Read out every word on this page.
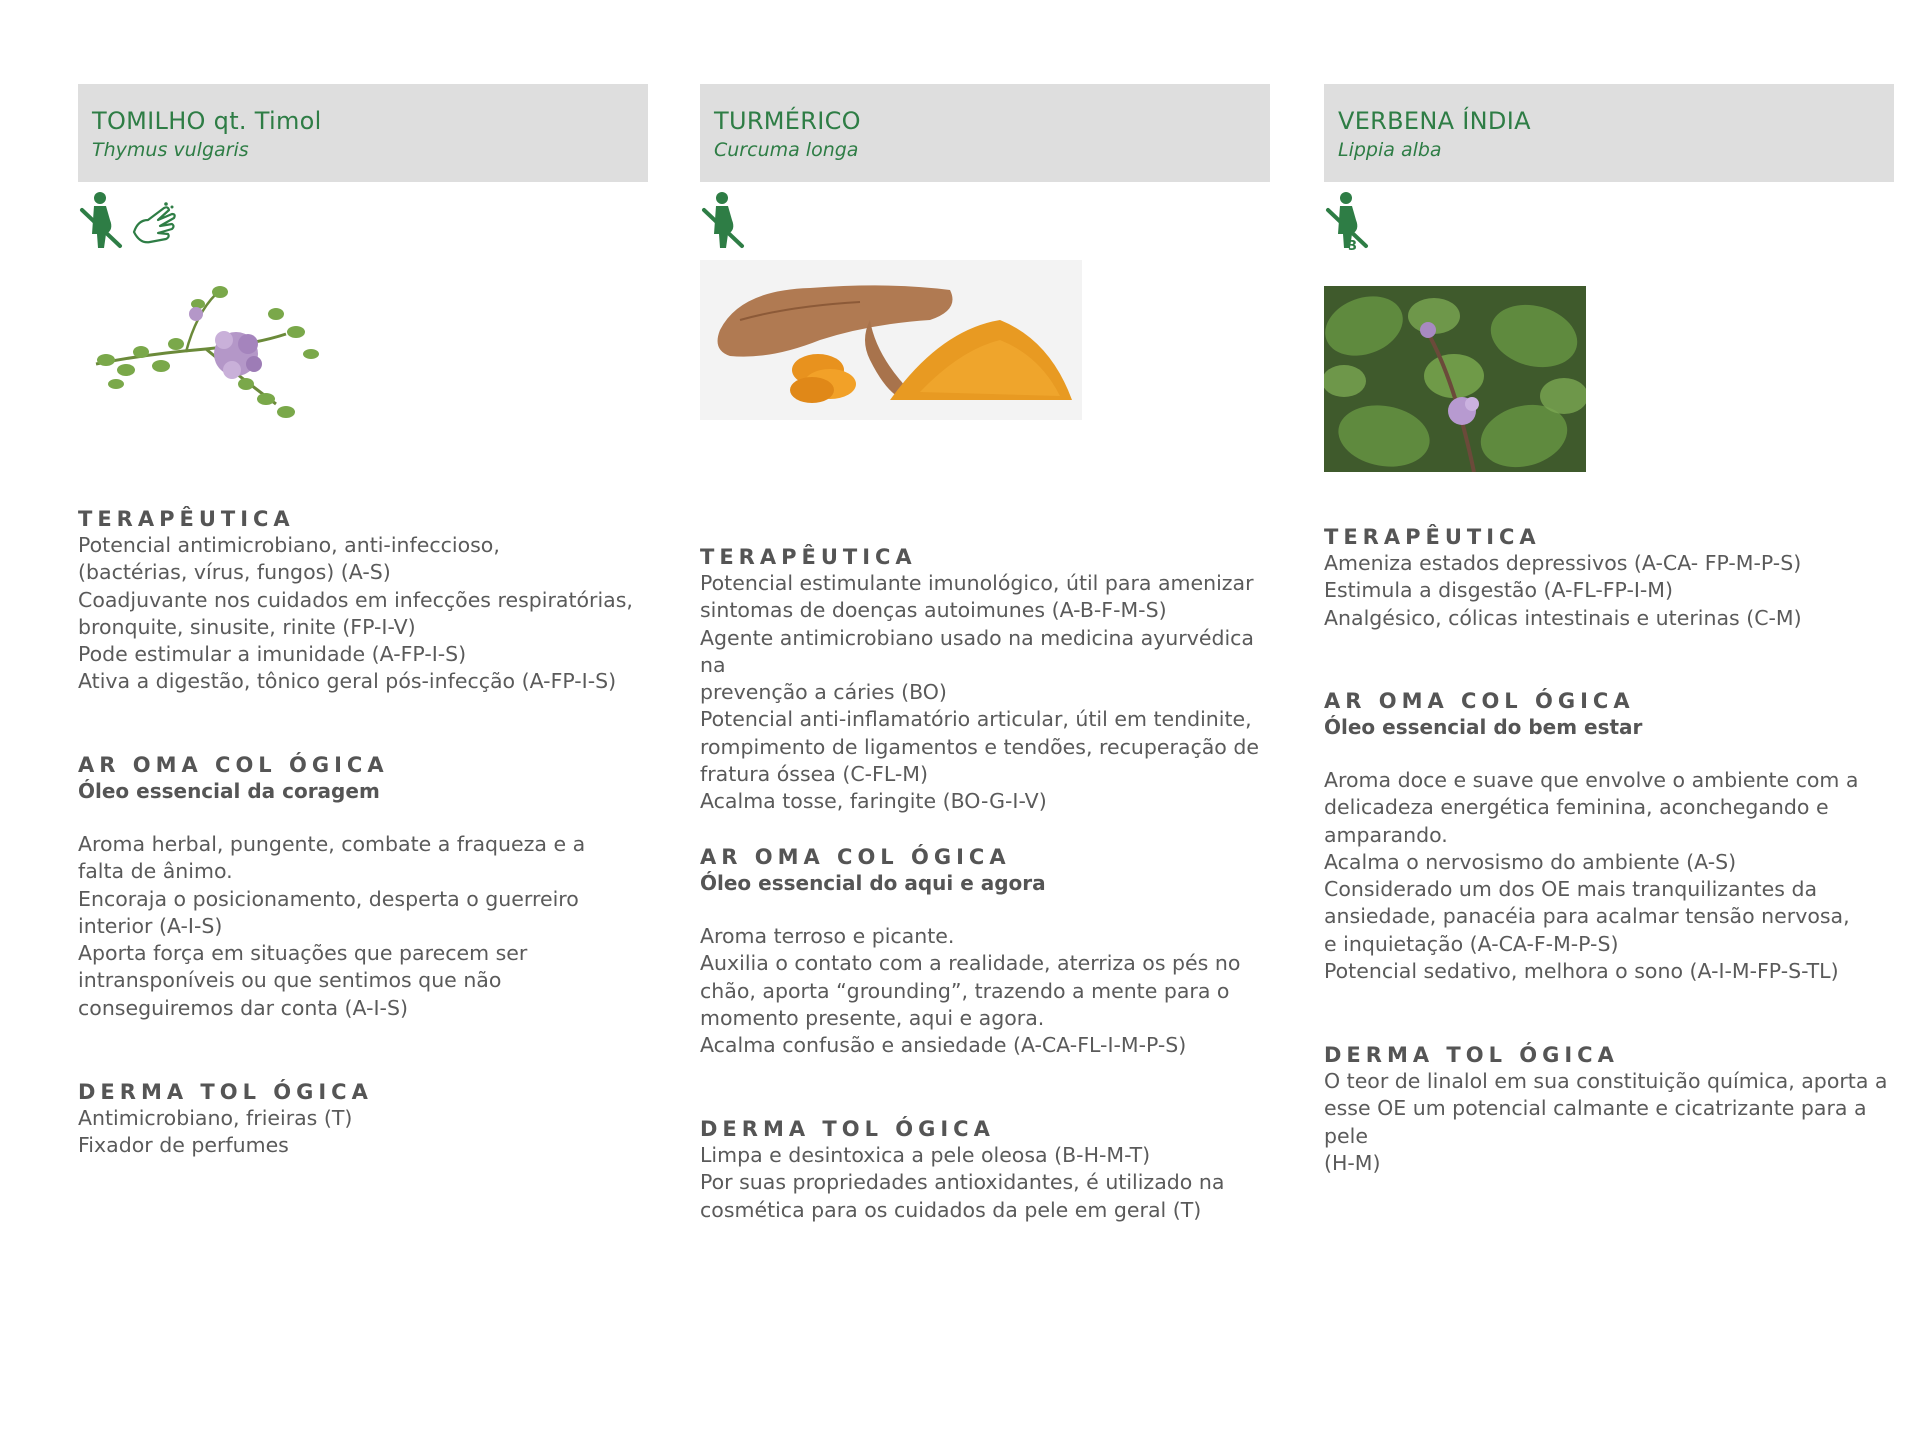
TOMILHO qt. Timol
Thymus vulgaris
TERAPÊUTICA

Potencial antimicrobiano, anti-infeccioso,

(bactérias, vírus, fungos) (A-S)

Coadjuvante nos cuidados em infecções respiratórias,

bronquite, sinusite, rinite (FP-I-V)

Pode estimular a imunidade (A-FP-I-S)

Ativa a digestão, tônico geral pós-infecção (A-FP-I-S)

AR OMA COL ÓGICA
Óleo essencial da coragem

Aroma herbal, pungente, combate a fraqueza e a

falta de ânimo.

Encoraja o posicionamento, desperta o guerreiro

interior (A-I-S)

Aporta força em situações que parecem ser

intransponíveis ou que sentimos que não

conseguiremos dar conta (A-I-S)

DERMA TOL ÓGICA

Antimicrobiano, frieiras (T)

Fixador de perfumes

TURMÉRICO
Curcuma longa
TERAPÊUTICA

Potencial estimulante imunológico, útil para amenizar

sintomas de doenças autoimunes (A-B-F-M-S)

Agente antimicrobiano usado na medicina ayurvédica na

prevenção a cáries (BO)

Potencial anti-inflamatório articular, útil em tendinite,

rompimento de ligamentos e tendões, recuperação de

fratura óssea (C-FL-M)

Acalma tosse, faringite (BO-G-I-V)

AR OMA COL ÓGICA
Óleo essencial do aqui e agora

Aroma terroso e picante.

Auxilia o contato com a realidade, aterriza os pés no

chão, aporta “grounding”, trazendo a mente para o

momento presente, aqui e agora.

Acalma confusão e ansiedade (A-CA-FL-I-M-P-S)

DERMA TOL ÓGICA

Limpa e desintoxica a pele oleosa (B-H-M-T)

Por suas propriedades antioxidantes, é utilizado na

cosmética para os cuidados da pele em geral (T)

VERBENA ÍNDIA
Lippia alba
3
TERAPÊUTICA

Ameniza estados depressivos (A-CA- FP-M-P-S)

Estimula a disgestão (A-FL-FP-I-M)

Analgésico, cólicas intestinais e uterinas (C-M)

AR OMA COL ÓGICA
Óleo essencial do bem estar

Aroma doce e suave que envolve o ambiente com a

delicadeza energética feminina, aconchegando e

amparando.

Acalma o nervosismo do ambiente (A-S)

Considerado um dos OE mais tranquilizantes da

ansiedade, panacéia para acalmar tensão nervosa,

e inquietação (A-CA-F-M-P-S)

Potencial sedativo, melhora o sono (A-I-M-FP-S-TL)

DERMA TOL ÓGICA

O teor de linalol em sua constituição química, aporta a

esse OE um potencial calmante e cicatrizante para a pele

(H-M)
